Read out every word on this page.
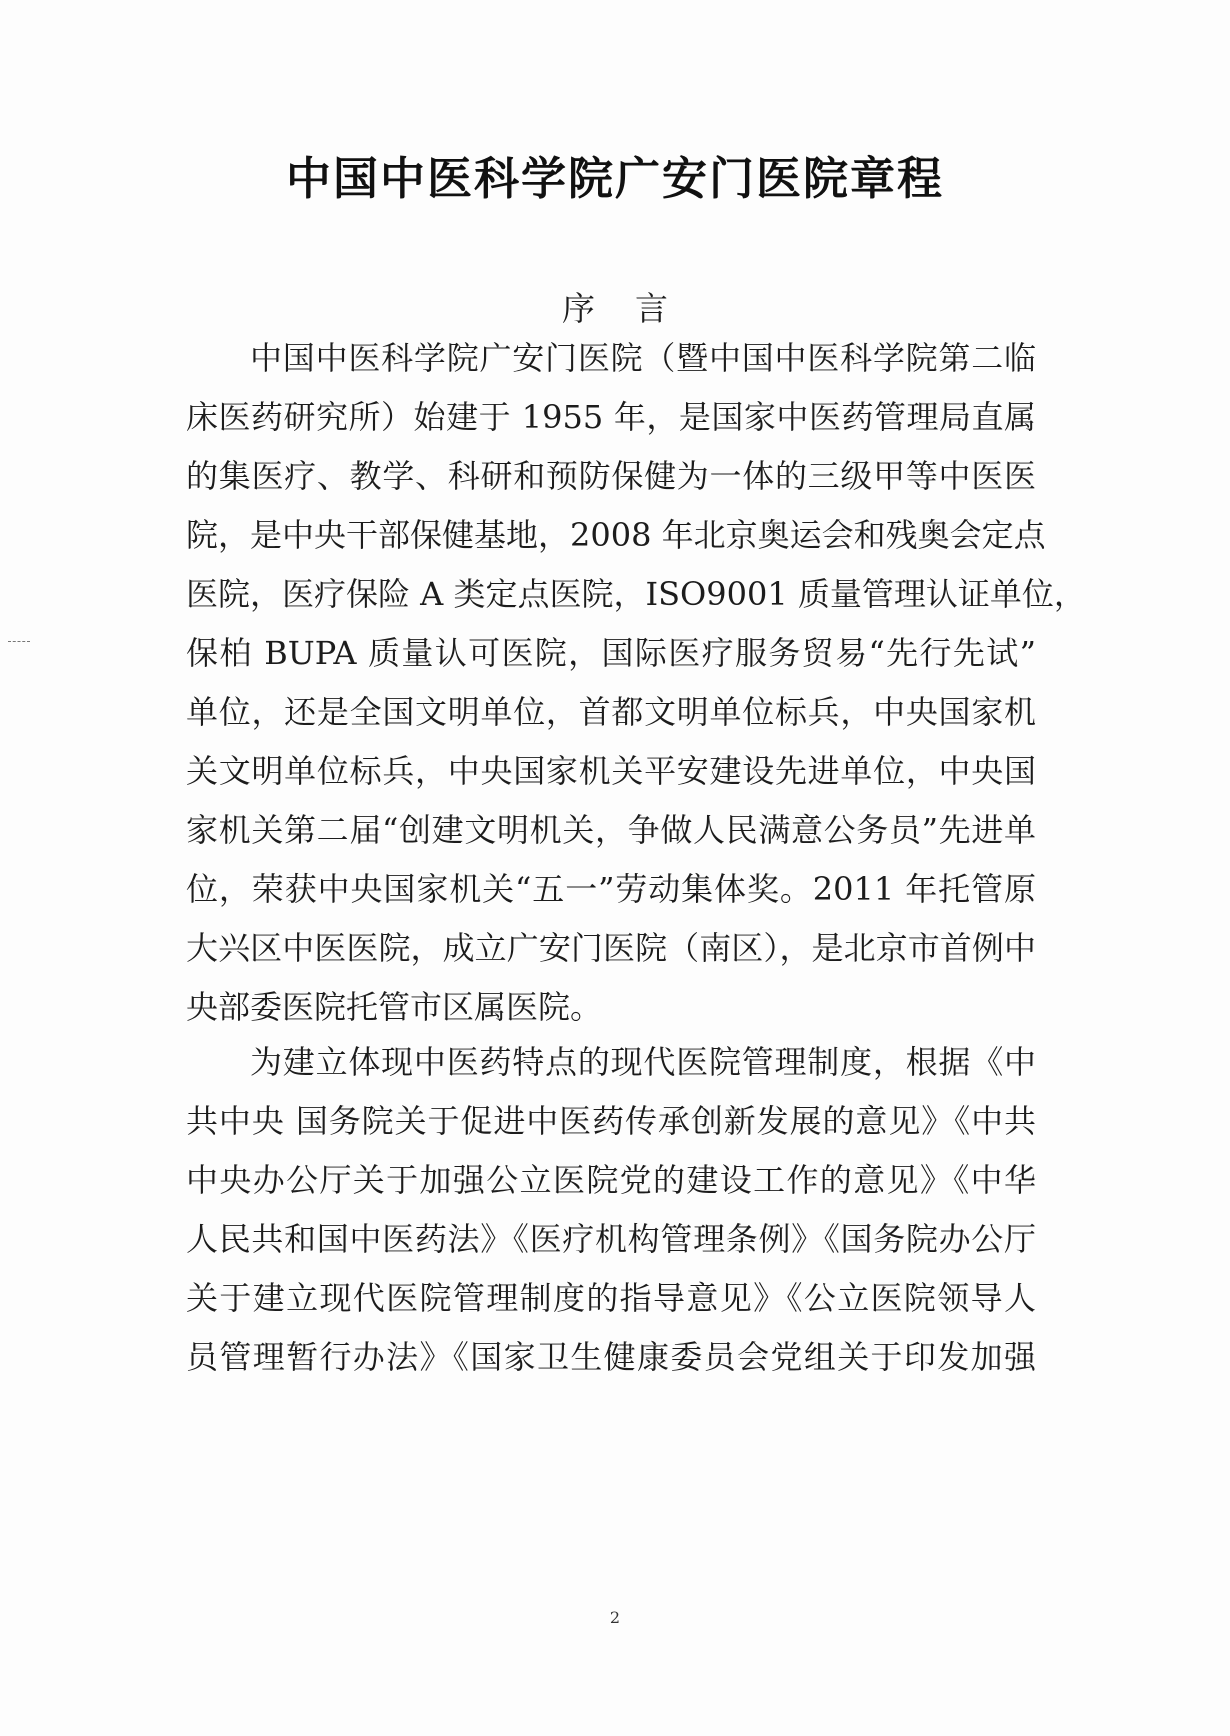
中国中医科学院广安门医院章程
序言
中国中医科学院广安门医院（暨中国中医科学院第二临
床医药研究所）始建于 1955 年，是国家中医药管理局直属
的集医疗、教学、科研和预防保健为一体的三级甲等中医医
院，是中央干部保健基地，2008 年北京奥运会和残奥会定点
医院，医疗保险 A 类定点医院，ISO9001 质量管理认证单位，
保柏 BUPA 质量认可医院，国际医疗服务贸易“先行先试”
单位，还是全国文明单位，首都文明单位标兵，中央国家机
关文明单位标兵，中央国家机关平安建设先进单位，中央国
家机关第二届“创建文明机关，争做人民满意公务员”先进单
位，荣获中央国家机关“五一”劳动集体奖。2011 年托管原
大兴区中医医院，成立广安门医院（南区），是北京市首例中
央部委医院托管市区属医院。
为建立体现中医药特点的现代医院管理制度，根据《中
共中央 国务院关于促进中医药传承创新发展的意见》《中共
中央办公厅关于加强公立医院党的建设工作的意见》《中华
人民共和国中医药法》《医疗机构管理条例》《国务院办公厅
关于建立现代医院管理制度的指导意见》《公立医院领导人
员管理暂行办法》《国家卫生健康委员会党组关于印发加强
2
